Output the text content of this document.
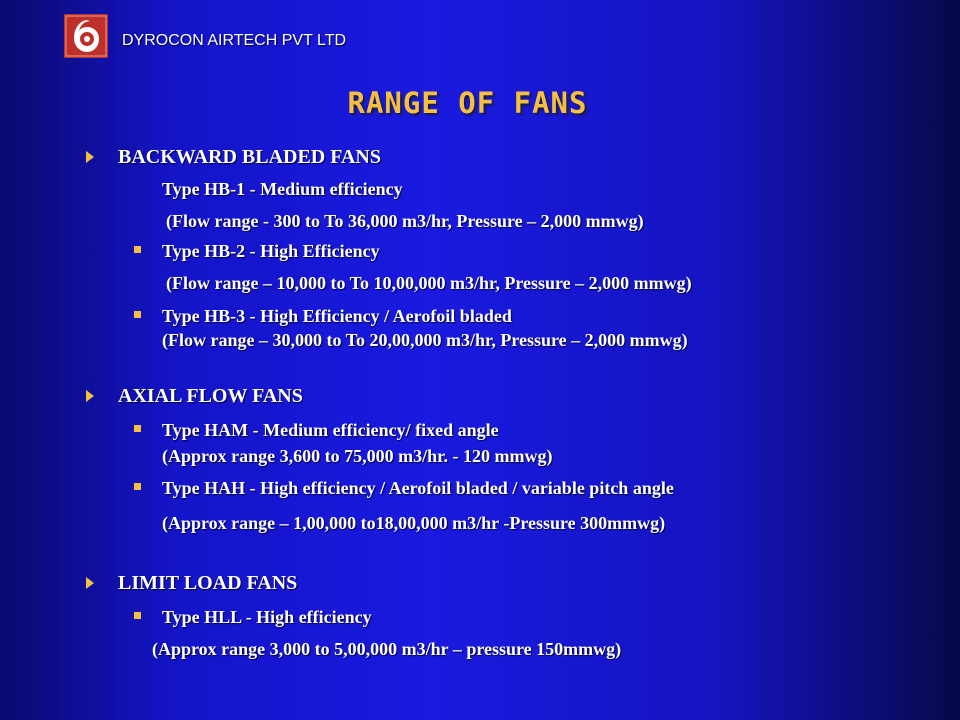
DYROCON AIRTECH PVT LTD
RANGE OF FANS
BACKWARD BLADED FANS
Type HB-1 - Medium efficiency
(Flow range - 300 to To 36,000 m3/hr, Pressure – 2,000 mmwg)
Type HB-2 - High Efficiency
(Flow range – 10,000 to To 10,00,000 m3/hr, Pressure – 2,000 mmwg)
Type HB-3 - High Efficiency / Aerofoil bladed
(Flow range – 30,000 to To 20,00,000 m3/hr, Pressure – 2,000 mmwg)
AXIAL FLOW FANS
Type HAM - Medium efficiency/ fixed angle
(Approx range 3,600 to 75,000 m3/hr. - 120 mmwg)
Type HAH - High efficiency / Aerofoil bladed / variable pitch angle
(Approx range – 1,00,000 to18,00,000 m3/hr -Pressure 300mmwg)
LIMIT LOAD FANS
Type HLL - High efficiency
(Approx range 3,000 to 5,00,000 m3/hr – pressure 150mmwg)
